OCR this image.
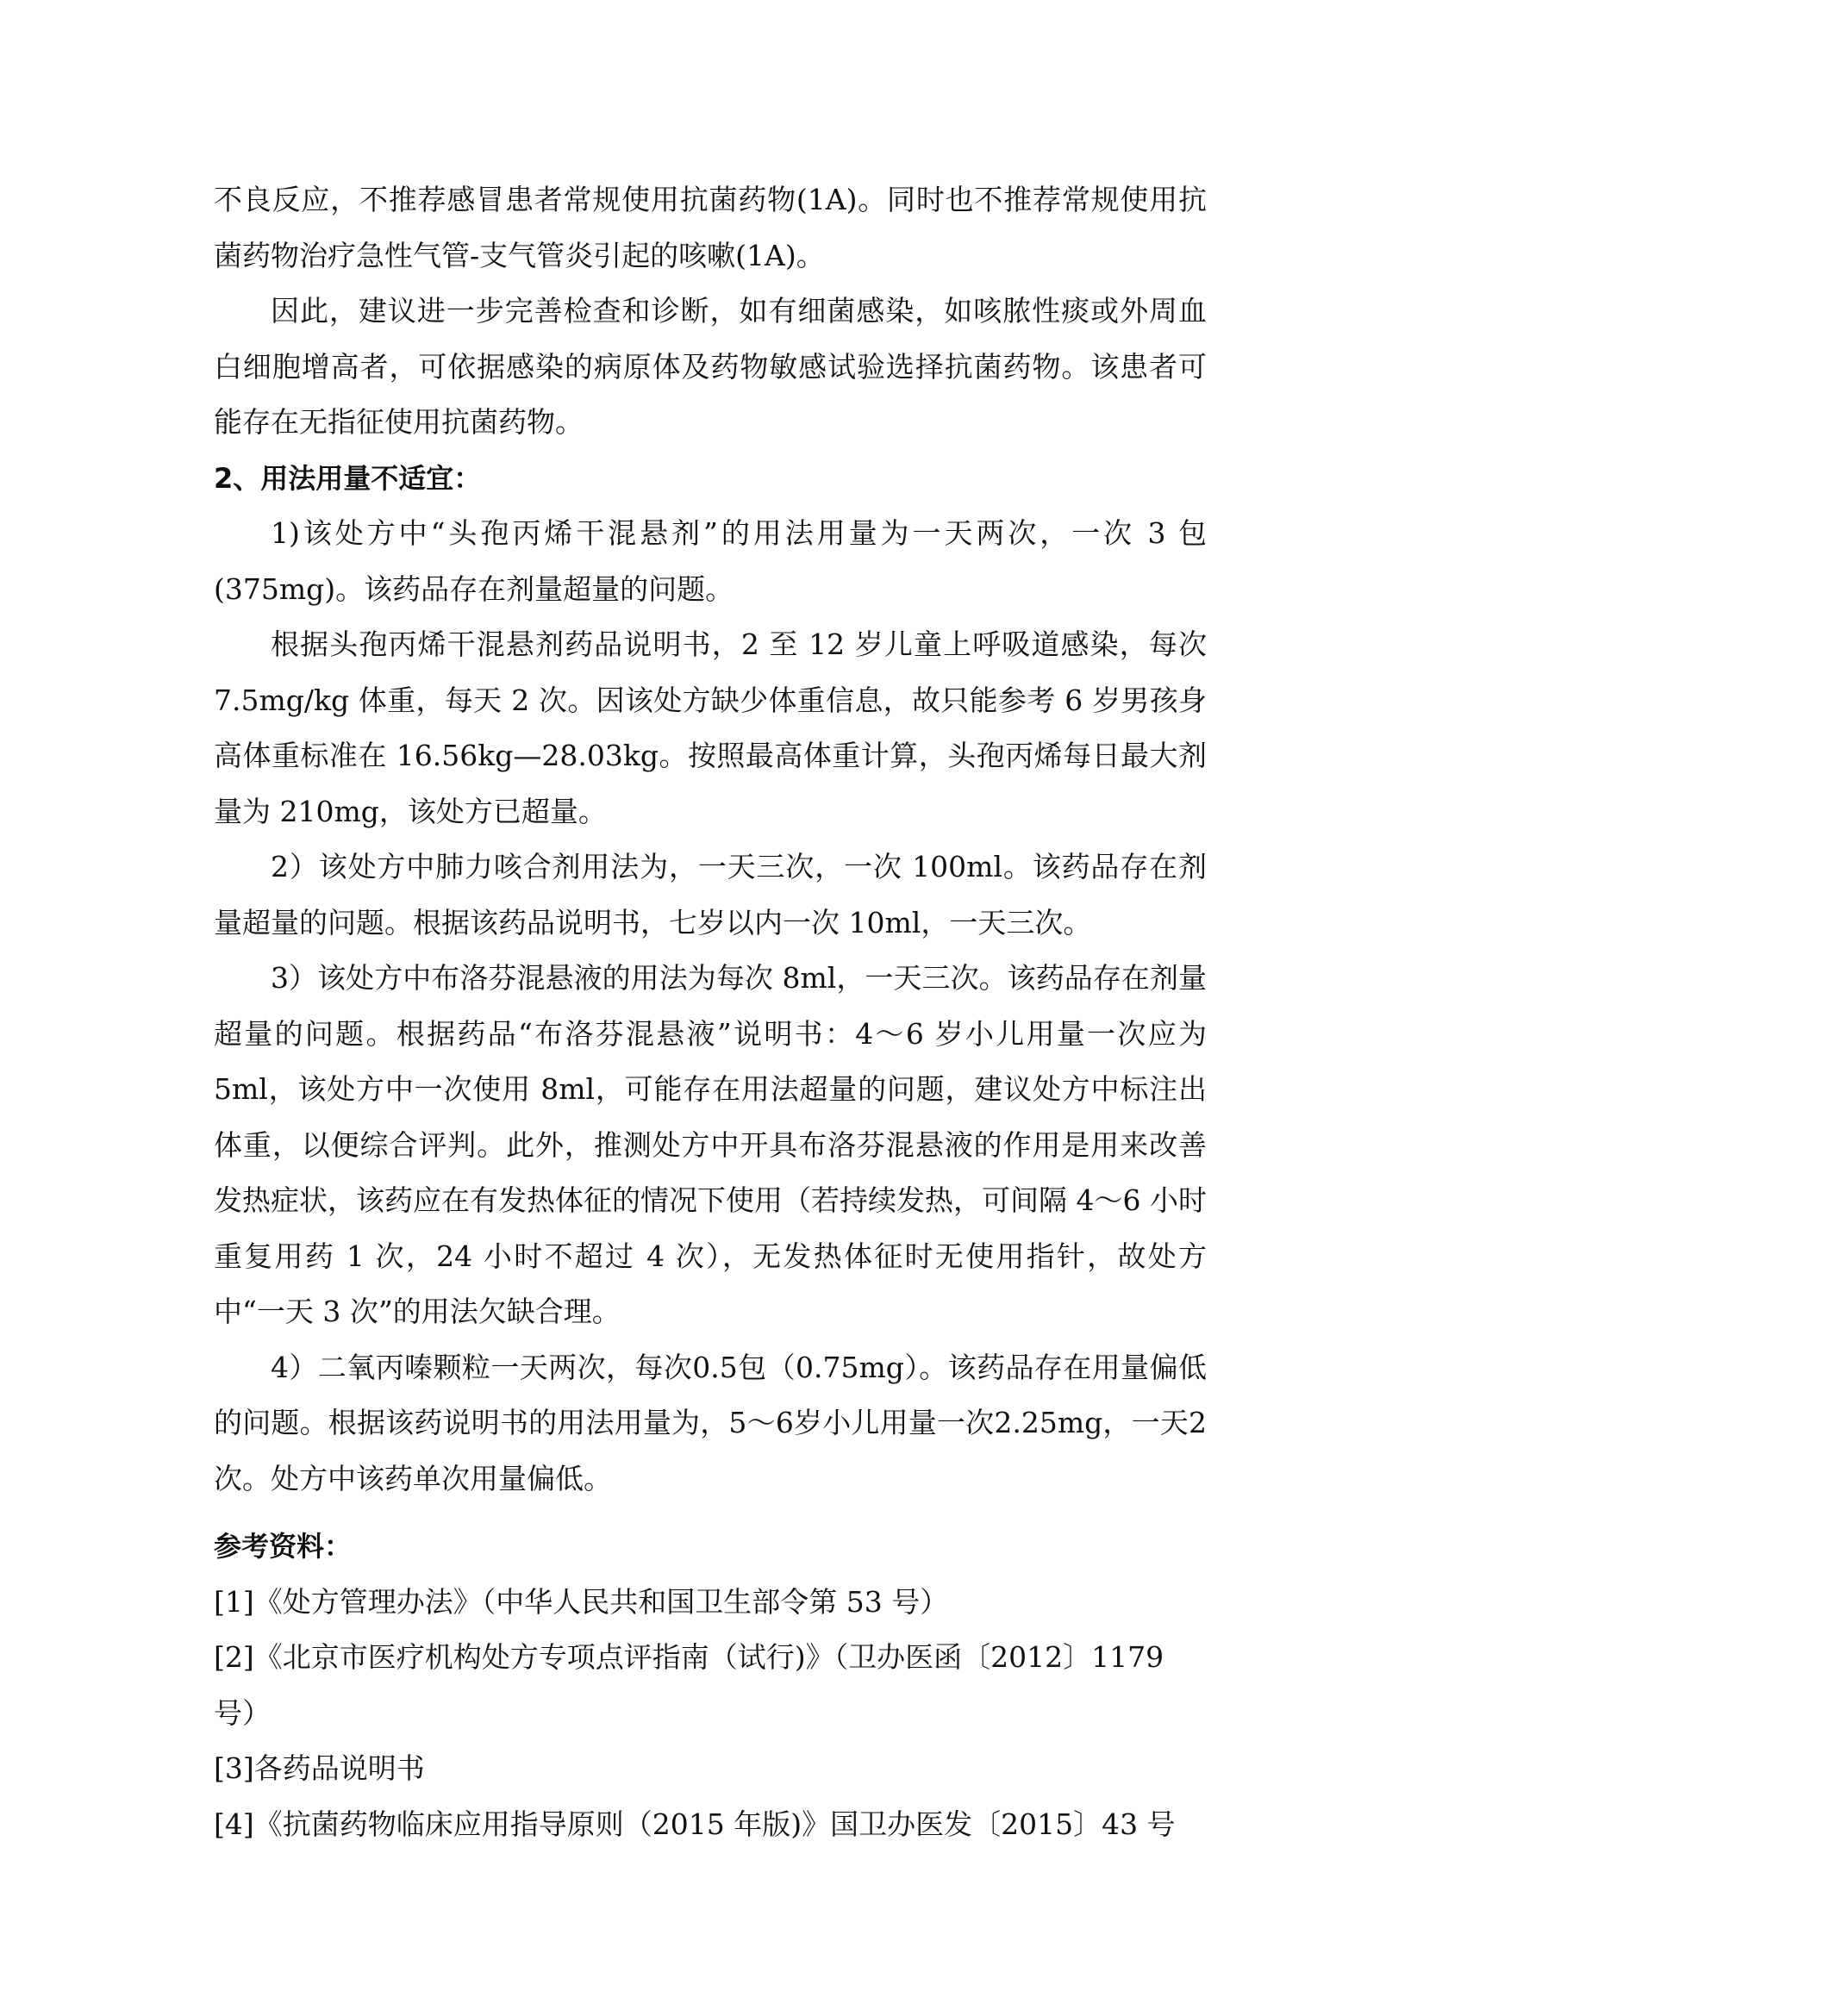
不良反应，不推荐感冒患者常规使用抗菌药物(1A)。同时也不推荐常规使用抗菌药物治疗急性气管-支气管炎引起的咳嗽(1A)。

因此，建议进一步完善检查和诊断，如有细菌感染，如咳脓性痰或外周血白细胞增高者，可依据感染的病原体及药物敏感试验选择抗菌药物。该患者可能存在无指征使用抗菌药物。

2、用法用量不适宜：

1)该处方中“头孢丙烯干混悬剂”的用法用量为一天两次，一次 3 包(375mg)。该药品存在剂量超量的问题。

根据头孢丙烯干混悬剂药品说明书，2 至 12 岁儿童上呼吸道感染，每次 7.5mg/kg 体重，每天 2 次。因该处方缺少体重信息，故只能参考 6 岁男孩身高体重标准在 16.56kg—28.03kg。按照最高体重计算，头孢丙烯每日最大剂量为 210mg，该处方已超量。

2）该处方中肺力咳合剂用法为，一天三次，一次 100ml。该药品存在剂量超量的问题。根据该药品说明书，七岁以内一次 10ml，一天三次。

3）该处方中布洛芬混悬液的用法为每次 8ml，一天三次。该药品存在剂量超量的问题。根据药品“布洛芬混悬液”说明书：4～6 岁小儿用量一次应为 5ml，该处方中一次使用 8ml，可能存在用法超量的问题，建议处方中标注出体重，以便综合评判。此外，推测处方中开具布洛芬混悬液的作用是用来改善发热症状，该药应在有发热体征的情况下使用（若持续发热，可间隔 4～6 小时重复用药 1 次，24 小时不超过 4 次），无发热体征时无使用指针，故处方中“一天 3 次”的用法欠缺合理。

4）二氧丙嗪颗粒一天两次，每次0.5包（0.75mg）。该药品存在用量偏低的问题。根据该药说明书的用法用量为，5～6岁小儿用量一次2.25mg，一天2次。处方中该药单次用量偏低。

参考资料：

[1]《处方管理办法》（中华人民共和国卫生部令第 53 号）

[2]《北京市医疗机构处方专项点评指南（试行)》（卫办医函〔2012〕1179 号）

[3]各药品说明书

[4]《抗菌药物临床应用指导原则（2015 年版)》国卫办医发〔2015〕43 号
